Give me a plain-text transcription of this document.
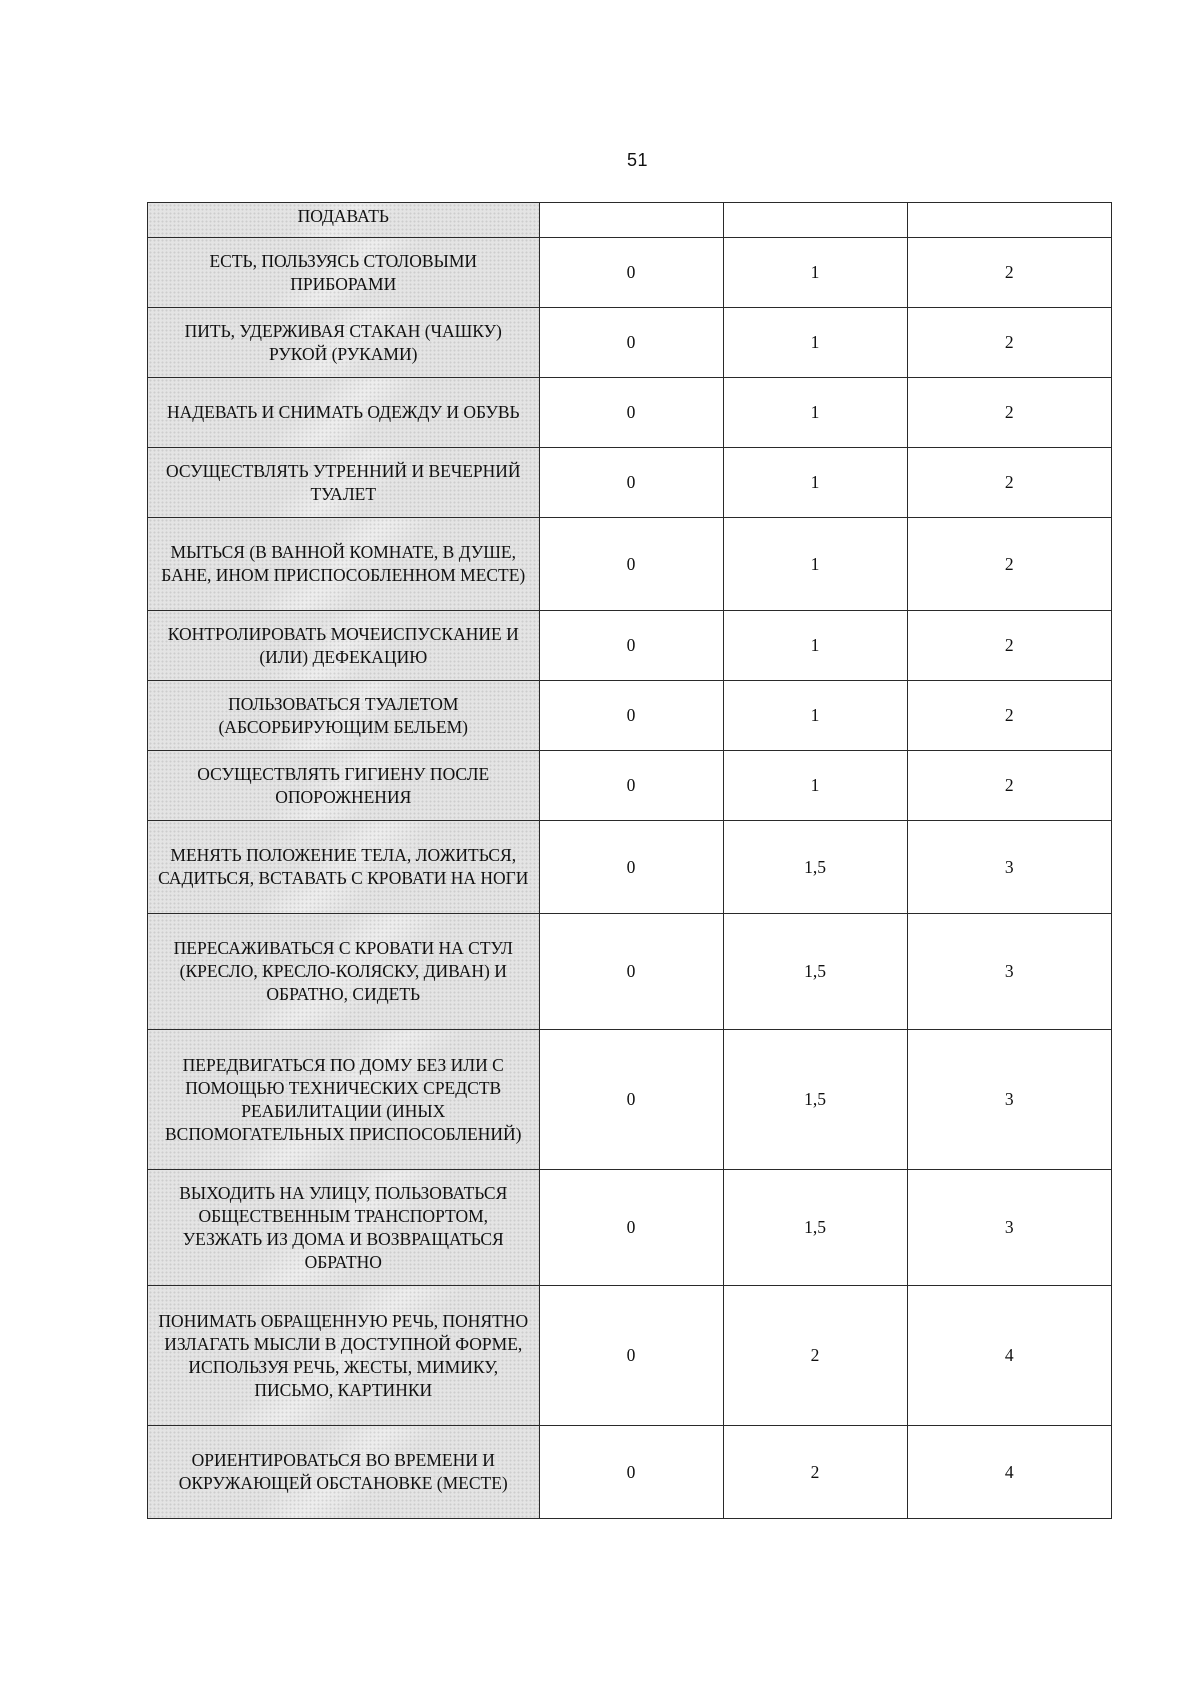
51
ПОДАВАТЬ			
ЕСТЬ, ПОЛЬЗУЯСЬ СТОЛОВЫМИ ПРИБОРАМИ	0	1	2
ПИТЬ, УДЕРЖИВАЯ СТАКАН (ЧАШКУ) РУКОЙ (РУКАМИ)	0	1	2
НАДЕВАТЬ И СНИМАТЬ ОДЕЖДУ И ОБУВЬ	0	1	2
ОСУЩЕСТВЛЯТЬ УТРЕННИЙ И ВЕЧЕРНИЙ ТУАЛЕТ	0	1	2
МЫТЬСЯ (В ВАННОЙ КОМНАТЕ, В ДУШЕ, БАНЕ, ИНОМ ПРИСПОСОБЛЕННОМ МЕСТЕ)	0	1	2
КОНТРОЛИРОВАТЬ МОЧЕИСПУСКАНИЕ И (ИЛИ) ДЕФЕКАЦИЮ	0	1	2
ПОЛЬЗОВАТЬСЯ ТУАЛЕТОМ (АБСОРБИРУЮЩИМ БЕЛЬЕМ)	0	1	2
ОСУЩЕСТВЛЯТЬ ГИГИЕНУ ПОСЛЕ ОПОРОЖНЕНИЯ	0	1	2
МЕНЯТЬ ПОЛОЖЕНИЕ ТЕЛА, ЛОЖИТЬСЯ, САДИТЬСЯ, ВСТАВАТЬ С КРОВАТИ НА НОГИ	0	1,5	3
ПЕРЕСАЖИВАТЬСЯ С КРОВАТИ НА СТУЛ (КРЕСЛО, КРЕСЛО-КОЛЯСКУ, ДИВАН) И ОБРАТНО, СИДЕТЬ	0	1,5	3
ПЕРЕДВИГАТЬСЯ ПО ДОМУ БЕЗ ИЛИ С ПОМОЩЬЮ ТЕХНИЧЕСКИХ СРЕДСТВ РЕАБИЛИТАЦИИ (ИНЫХ ВСПОМОГАТЕЛЬНЫХ ПРИСПОСОБЛЕНИЙ)	0	1,5	3
ВЫХОДИТЬ НА УЛИЦУ, ПОЛЬЗОВАТЬСЯ ОБЩЕСТВЕННЫМ ТРАНСПОРТОМ, УЕЗЖАТЬ ИЗ ДОМА И ВОЗВРАЩАТЬСЯ ОБРАТНО	0	1,5	3
ПОНИМАТЬ ОБРАЩЕННУЮ РЕЧЬ, ПОНЯТНО ИЗЛАГАТЬ МЫСЛИ В ДОСТУПНОЙ ФОРМЕ, ИСПОЛЬЗУЯ РЕЧЬ, ЖЕСТЫ, МИМИКУ, ПИСЬМО, КАРТИНКИ	0	2	4
ОРИЕНТИРОВАТЬСЯ ВО ВРЕМЕНИ И ОКРУЖАЮЩЕЙ ОБСТАНОВКЕ (МЕСТЕ)	0	2	4
